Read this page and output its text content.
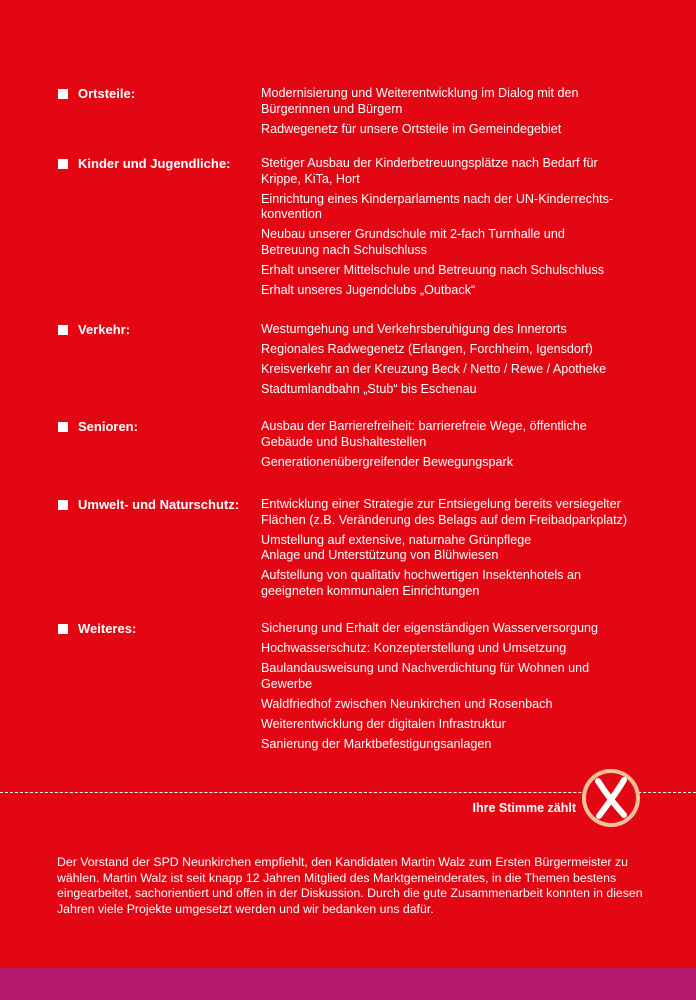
Ortsteile:	Modernisierung und Weiterentwicklung im Dialog mit den Bürgerinnen und Bürgern
Radwegenetz für unsere Ortsteile im Gemeindegebiet
Kinder und Jugendliche: Stetiger Ausbau der Kinderbetreuungsplätze nach Bedarf für Krippe, KiTa, Hort
Einrichtung eines Kinderparlaments nach der UN-Kinderrechts-konvention
Neubau unserer Grundschule mit 2-fach Turnhalle und Betreuung nach Schulschluss
Erhalt unserer Mittelschule und Betreuung nach Schulschluss
Erhalt unseres Jugendclubs „Outback“
Verkehr:	Westumgehung und Verkehrsberuhigung des Innerorts
Regionales Radwegenetz (Erlangen, Forchheim, Igensdorf)
Kreisverkehr an der Kreuzung Beck / Netto / Rewe / Apotheke
Stadtumlandbahn „Stub“ bis Eschenau
Senioren:	Ausbau der Barrierefreiheit: barrierefreie Wege, öffentliche Gebäude und Bushaltestellen
Generationenübergreifender Bewegungspark
Umwelt- und Naturschutz: Entwicklung einer Strategie zur Entsiegelung bereits versiegelter Flächen (z.B. Veränderung des Belags auf dem Freibadparkplatz)
Umstellung auf extensive, naturnahe Grünpflege
Anlage und Unterstützung von Blühwiesen
Aufstellung von qualitativ hochwertigen Insektenhotels an geeigneten kommunalen Einrichtungen
Weiteres:	Sicherung und Erhalt der eigenständigen Wasserversorgung
Hochwasserschutz: Konzepterstellung und Umsetzung
Baulandausweisung und Nachverdichtung für Wohnen und Gewerbe
Waldfriedhof zwischen Neunkirchen und Rosenbach
Weiterentwicklung der digitalen Infrastruktur
Sanierung der Marktbefestigungsanlagen
Ihre Stimme zählt
Der Vorstand der SPD Neunkirchen empfiehlt, den Kandidaten Martin Walz zum Ersten Bürgermeister zu wählen. Martin Walz ist seit knapp 12 Jahren Mitglied des Marktgemeinderates, in die Themen bestens eingearbeitet, sachorientiert und offen in der Diskussion. Durch die gute Zusammenarbeit konnten in diesen Jahren viele Projekte umgesetzt werden und wir bedanken uns dafür.
